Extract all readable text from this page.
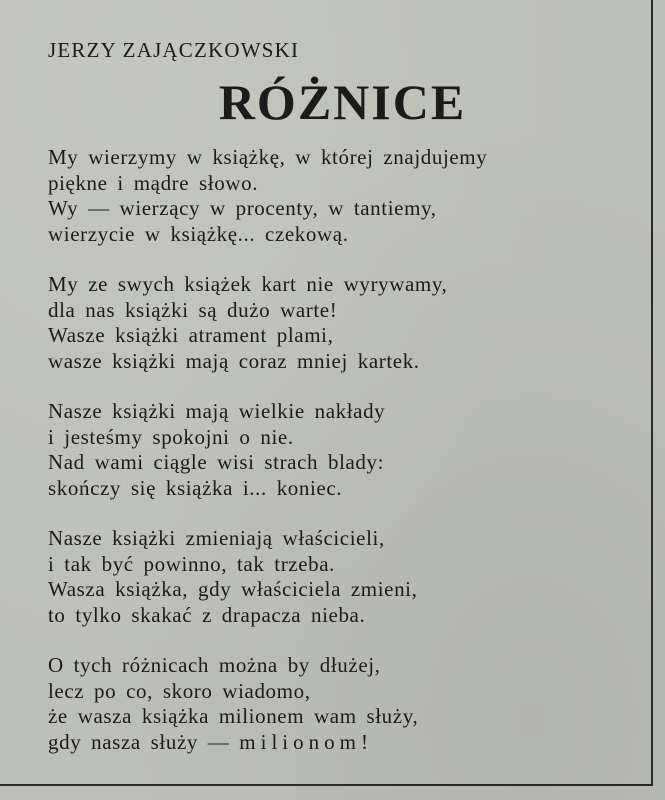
JERZY ZAJĄCZKOWSKI
RÓŻNICE
My wierzymy w książkę, w której znajdujemy
piękne i mądre słowo.
Wy — wierzący w procenty, w tantiemy,
wierzycie w książkę... czekową.
My ze swych książek kart nie wyrywamy,
dla nas książki są dużo warte!
Wasze książki atrament plami,
wasze książki mają coraz mniej kartek.
Nasze książki mają wielkie nakłady
i jesteśmy spokojni o nie.
Nad wami ciągle wisi strach blady:
skończy się książka i... koniec.
Nasze książki zmieniają właścicieli,
i tak być powinno, tak trzeba.
Wasza książka, gdy właściciela zmieni,
to tylko skakać z drapacza nieba.
O tych różnicach można by dłużej,
lecz po co, skoro wiadomo,
że wasza książka milionem wam służy,
gdy nasza służy — milionom!
